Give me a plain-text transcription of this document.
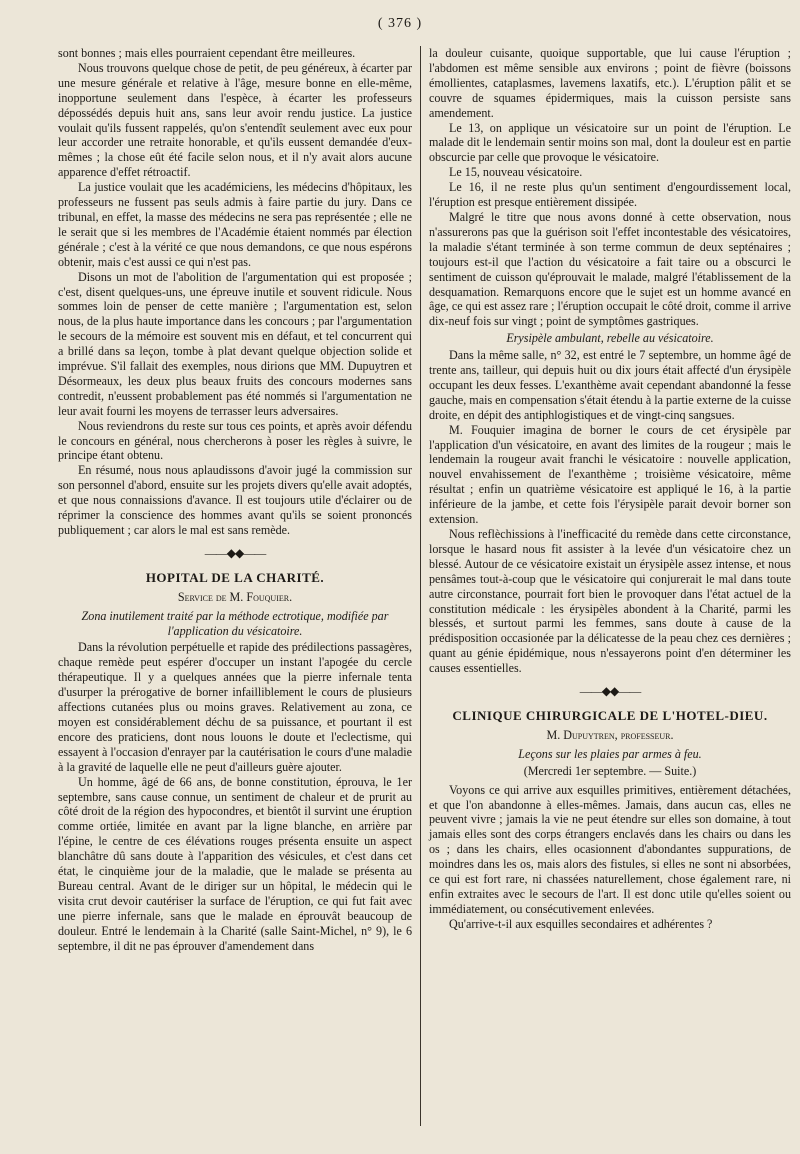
( 376 )

sont bonnes ; mais elles pourraient cependant être meilleures.

Nous trouvons quelque chose de petit, de peu généreux, à écarter par une mesure générale et relative à l'âge, mesure bonne en elle-même, inopportune seulement dans l'espèce, à écarter les professeurs dépossédés depuis huit ans, sans leur avoir rendu justice. La justice voulait qu'ils fussent rappelés, qu'on s'entendît seulement avec eux pour leur accorder une retraite honorable, et qu'ils eussent demandée d'eux-mêmes ; la chose eût été facile selon nous, et il n'y avait alors aucune apparence d'effet rétroactif.

La justice voulait que les académiciens, les médecins d'hôpitaux, les professeurs ne fussent pas seuls admis à faire partie du jury. Dans ce tribunal, en effet, la masse des médecins ne sera pas représentée ; elle ne le serait que si les membres de l'Académie étaient nommés par élection générale ; c'est à la vérité ce que nous demandons, ce que nous espérons obtenir, mais c'est aussi ce qui n'est pas.

Disons un mot de l'abolition de l'argumentation qui est proposée ; c'est, disent quelques-uns, une épreuve inutile et souvent ridicule. Nous sommes loin de penser de cette manière ; l'argumentation est, selon nous, de la plus haute importance dans les concours ; par l'argumentation le secours de la mémoire est souvent mis en défaut, et tel concurrent qui a brillé dans sa leçon, tombe à plat devant quelque objection solide et imprévue. S'il fallait des exemples, nous dirions que MM. Dupuytren et Désormeaux, les deux plus beaux fruits des concours modernes sans contredit, n'eussent probablement pas été nommés si l'argumentation ne leur avait fourni les moyens de terrasser leurs adversaires.

Nous reviendrons du reste sur tous ces points, et après avoir défendu le concours en général, nous chercherons à poser les règles à suivre, le principe étant obtenu.

En résumé, nous nous aplaudissons d'avoir jugé la commission sur son personnel d'abord, ensuite sur les projets divers qu'elle avait adoptés, et que nous connaissions d'avance. Il est toujours utile d'éclairer ou de réprimer la conscience des hommes avant qu'ils se soient prononcés publiquement ; car alors le mal est sans remède.

——◆◆——
HOPITAL DE LA CHARITÉ.
Service de M. Fouquier.
Zona inutilement traité par la méthode ectrotique, modifiée par l'application du vésicatoire.

Dans la révolution perpétuelle et rapide des prédilections passagères, chaque remède peut espérer d'occuper un instant l'apogée du cercle thérapeutique. Il y a quelques années que la pierre infernale tenta d'usurper la prérogative de borner infailliblement le cours de plusieurs affections cutanées plus ou moins graves. Relativement au zona, ce moyen est considérablement déchu de sa puissance, et pourtant il est encore des praticiens, dont nous louons le doute et l'eclectisme, qui essayent à l'occasion d'enrayer par la cautérisation le cours d'une maladie à la gravité de laquelle elle ne peut d'ailleurs guère ajouter.

Un homme, âgé de 66 ans, de bonne constitution, éprouva, le 1er septembre, sans cause connue, un sentiment de chaleur et de prurit au côté droit de la région des hypocondres, et bientôt il survint une éruption comme ortiée, limitée en avant par la ligne blanche, en arrière par l'épine, le centre de ces élévations rouges présenta ensuite un aspect blanchâtre dû sans doute à l'apparition des vésicules, et c'est dans cet état, le cinquième jour de la maladie, que le malade se présenta au Bureau central. Avant de le diriger sur un hôpital, le médecin qui le visita crut devoir cautériser la surface de l'éruption, ce qui fut fait avec une pierre infernale, sans que le malade en éprouvât beaucoup de douleur. Entré le lendemain à la Charité (salle Saint-Michel, n° 9), le 6 septembre, il dit ne pas éprouver d'amendement dans

la douleur cuisante, quoique supportable, que lui cause l'éruption ; l'abdomen est même sensible aux environs ; point de fièvre (boissons émollientes, cataplasmes, lavemens laxatifs, etc.). L'éruption pâlit et se couvre de squames épidermiques, mais la cuisson persiste sans amendement.

Le 13, on applique un vésicatoire sur un point de l'éruption. Le malade dit le lendemain sentir moins son mal, dont la douleur est en partie obscurcie par celle que provoque le vésicatoire.

Le 15, nouveau vésicatoire.

Le 16, il ne reste plus qu'un sentiment d'engourdissement local, l'éruption est presque entièrement dissipée.

Malgré le titre que nous avons donné à cette observation, nous n'assurerons pas que la guérison soit l'effet incontestable des vésicatoires, la maladie s'étant terminée à son terme commun de deux septénaires ; toujours est-il que l'action du vésicatoire a fait taire ou a obscurci le sentiment de cuisson qu'éprouvait le malade, malgré l'établissement de la desquamation. Remarquons encore que le sujet est un homme avancé en âge, ce qui est assez rare ; l'éruption occupait le côté droit, comme il arrive dix-neuf fois sur vingt ; point de symptômes gastriques.

Erysipèle ambulant, rebelle au vésicatoire.

Dans la même salle, n° 32, est entré le 7 septembre, un homme âgé de trente ans, tailleur, qui depuis huit ou dix jours était affecté d'un érysipèle occupant les deux fesses. L'exanthème avait cependant abandonné la fesse gauche, mais en compensation s'était étendu à la partie externe de la cuisse droite, en dépit des antiphlogistiques et de vingt-cinq sangsues.

M. Fouquier imagina de borner le cours de cet érysipèle par l'application d'un vésicatoire, en avant des limites de la rougeur ; mais le lendemain la rougeur avait franchi le vésicatoire : nouvelle application, nouvel envahissement de l'exanthème ; troisième vésicatoire, même résultat ; enfin un quatrième vésicatoire est appliqué le 16, à la partie inférieure de la jambe, et cette fois l'érysipèle parait devoir borner son extension.

Nous reflèchissions à l'inefficacité du remède dans cette circonstance, lorsque le hasard nous fit assister à la levée d'un vésicatoire chez un blessé. Autour de ce vésicatoire existait un érysipèle assez intense, et nous pensâmes tout-à-coup que le vésicatoire qui conjurerait le mal dans toute autre circonstance, pourrait fort bien le provoquer dans l'état actuel de la constitution médicale : les érysipèles abondent à la Charité, parmi les blessés, et surtout parmi les femmes, sans doute à cause de la prédisposition occasionée par la délicatesse de la peau chez ces dernières ; quant au génie épidémique, nous n'essayerons point d'en déterminer les causes essentielles.

——◆◆——
CLINIQUE CHIRURGICALE DE L'HOTEL-DIEU.
M. Dupuytren, professeur.
Leçons sur les plaies par armes à feu.
(Mercredi 1er septembre. — Suite.)

Voyons ce qui arrive aux esquilles primitives, entièrement détachées, et que l'on abandonne à elles-mêmes. Jamais, dans aucun cas, elles ne peuvent vivre ; jamais la vie ne peut étendre sur elles son domaine, à tout jamais elles sont des corps étrangers enclavés dans les chairs ou dans les os ; dans les chairs, elles ocasionnent d'abondantes suppurations, de moindres dans les os, mais alors des fistules, si elles ne sont ni absorbées, ce qui est fort rare, ni chassées naturellement, chose également rare, ni enfin extraites avec le secours de l'art. Il est donc utile qu'elles soient ou immédiatement, ou consécutivement enlevées.

Qu'arrive-t-il aux esquilles secondaires et adhérentes ?
